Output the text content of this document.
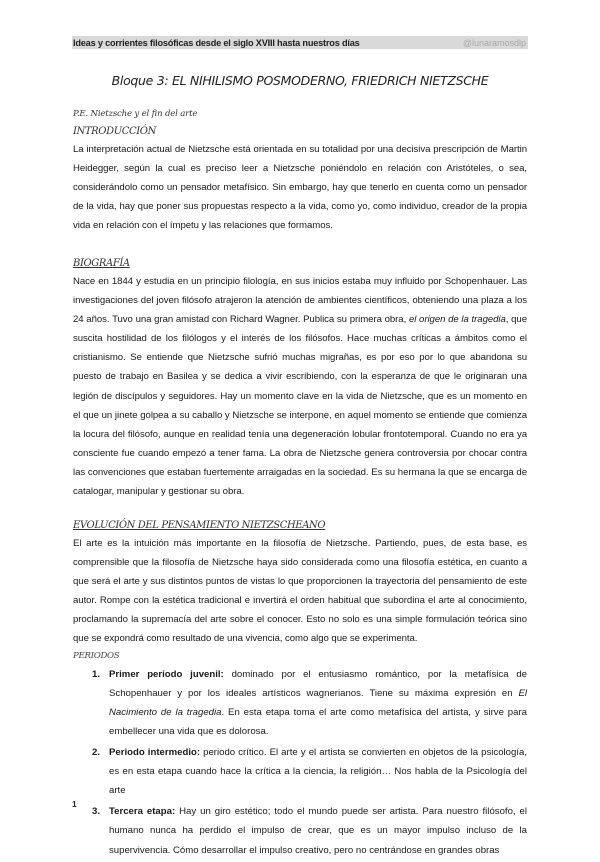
Ideas y corrientes filosóficas desde el siglo XVIII hasta nuestros días	@lunaramosdlp
Bloque 3: EL NIHILISMO POSMODERNO, FRIEDRICH NIETZSCHE
P.E. Nietzsche y el fin del arte
INTRODUCCIÓN

La interpretación actual de Nietzsche está orientada en su totalidad por una decisiva prescripción de Martin Heidegger, según la cual es preciso leer a Nietzsche poniéndolo en relación con Aristóteles, o sea, considerándolo como un pensador metafísico. Sin embargo, hay que tenerlo en cuenta como un pensador de la vida, hay que poner sus propuestas respecto a la vida, como yo, como individuo, creador de la propia vida en relación con el ímpetu y las relaciones que formamos.

BIOGRAFÍA

Nace en 1844 y estudia en un principio filología, en sus inicios estaba muy influido por Schopenhauer. Las investigaciones del joven filósofo atrajeron la atención de ambientes científicos, obteniendo una plaza a los 24 años. Tuvo una gran amistad con Richard Wagner. Publica su primera obra, el origen de la tragedia, que suscita hostilidad de los filólogos y el interés de los filósofos. Hace muchas críticas a ámbitos como el cristianismo. Se entiende que Nietzsche sufrió muchas migrañas, es por eso por lo que abandona su puesto de trabajo en Basilea y se dedica a vivir escribiendo, con la esperanza de que le originaran una legión de discípulos y seguidores. Hay un momento clave en la vida de Nietzsche, que es un momento en el que un jinete golpea a su caballo y Nietzsche se interpone, en aquel momento se entiende que comienza la locura del filósofo, aunque en realidad tenía una degeneración lobular frontotemporal. Cuando no era ya consciente fue cuando empezó a tener fama. La obra de Nietzsche genera controversia por chocar contra las convenciones que estaban fuertemente arraigadas en la sociedad. Es su hermana la que se encarga de catalogar, manipular y gestionar su obra.

EVOLUCIÓN DEL PENSAMIENTO NIETZSCHEANO

El arte es la intuición más importante en la filosofía de Nietzsche. Partiendo, pues, de esta base, es comprensible que la filosofía de Nietzsche haya sido considerada como una filosofía estética, en cuanto a que será el arte y sus distintos puntos de vistas lo que proporcionen la trayectoria del pensamiento de este autor. Rompe con la estética tradicional e invertirá el orden habitual que subordina el arte al conocimiento, proclamando la supremacía del arte sobre el conocer. Esto no solo es una simple formulación teórica sino que se expondrá como resultado de una vivencia, como algo que se experimenta.

PERIODOS
1. Primer periodo juvenil: dominado por el entusiasmo romántico, por la metafísica de Schopenhauer y por los ideales artísticos wagnerianos. Tiene su máxima expresión en El Nacimiento de la tragedia. En esta etapa toma el arte como metafísica del artista, y sirve para embellecer una vida que es dolorosa.
2. Periodo intermedio: periodo crítico. El arte y el artista se convierten en objetos de la psicología, es en esta etapa cuando hace la crítica a la ciencia, la religión… Nos habla de la Psicología del arte
3. Tercera etapa: Hay un giro estético; todo el mundo puede ser artista. Para nuestro filósofo, el humano nunca ha perdido el impulso de crear, que es un mayor impulso incluso de la supervivencia. Cómo desarrollar el impulso creativo, pero no centrándose en grandes obras
1
